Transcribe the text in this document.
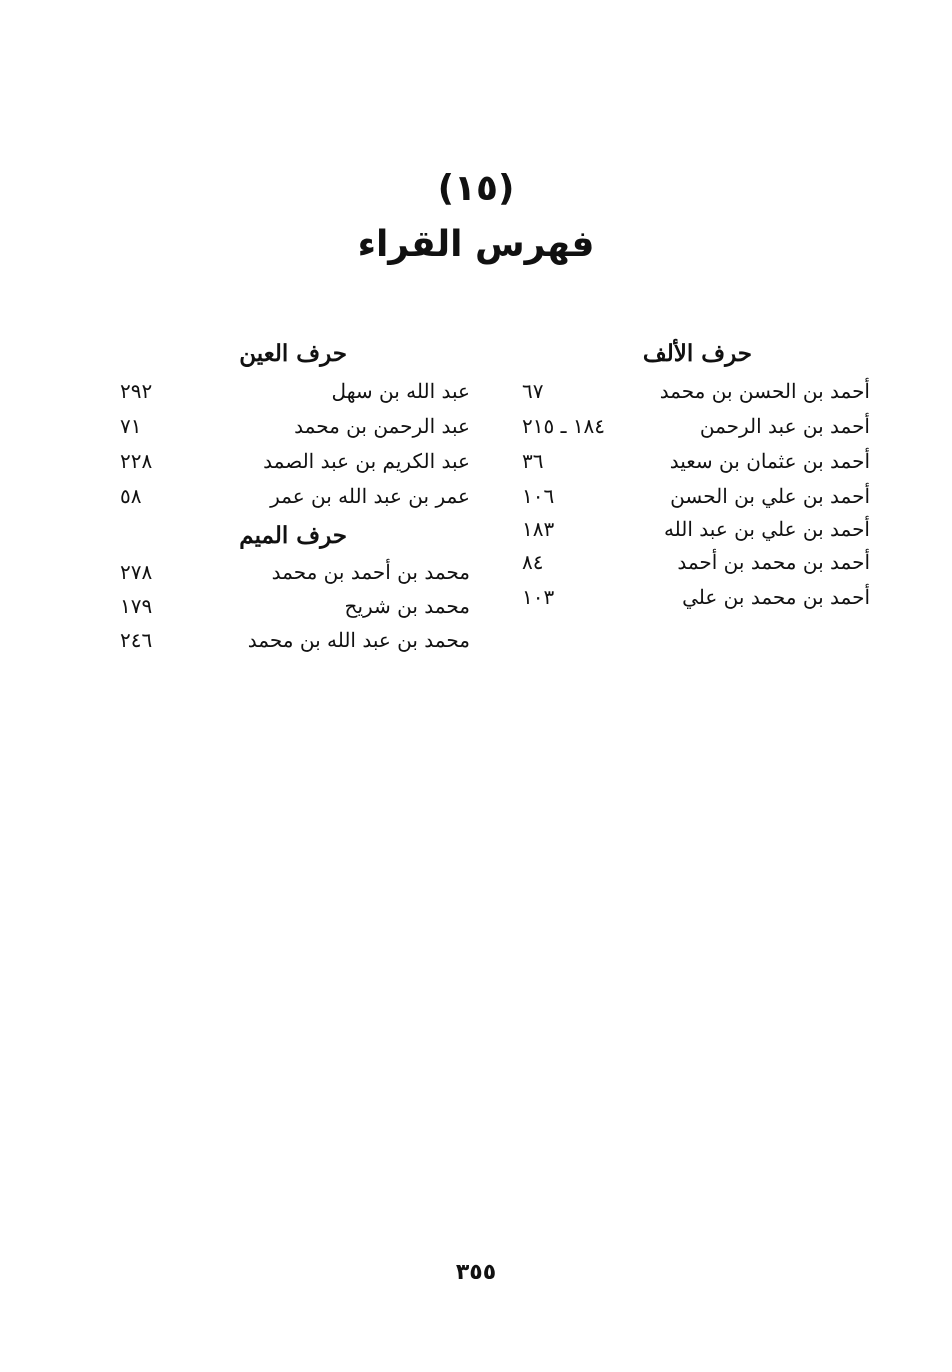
(١٥)
فهرس القراء
حرف الألف
أحمد بن الحسن بن محمد
٦٧
أحمد بن عبد الرحمن
١٨٤ ـ ٢١٥
أحمد بن عثمان بن سعيد
٣٦
أحمد بن علي بن الحسن
١٠٦
أحمد بن علي بن عبد الله
١٨٣
أحمد بن محمد بن أحمد
٨٤
أحمد بن محمد بن علي
١٠٣
حرف العين
عبد الله بن سهل
٢٩٢
عبد الرحمن بن محمد
٧١
عبد الكريم بن عبد الصمد
٢٢٨
عمر بن عبد الله بن عمر
٥٨
حرف الميم
محمد بن أحمد بن محمد
٢٧٨
محمد بن شريح
١٧٩
محمد بن عبد الله بن محمد
٢٤٦
٣٥٥
